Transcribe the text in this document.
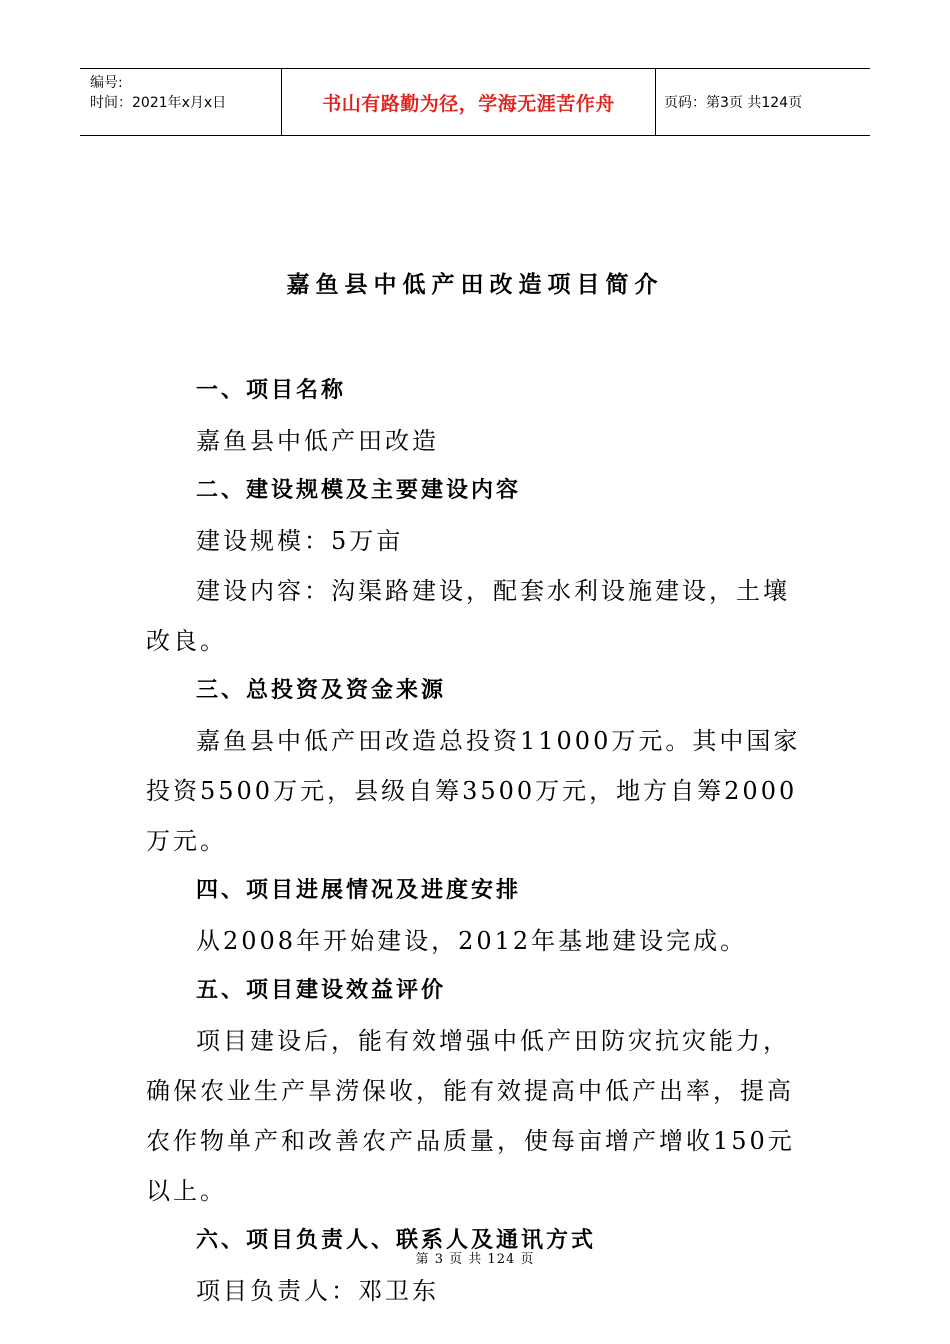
编号:
时间：2021年x月x日	书山有路勤为径，学海无涯苦作舟	页码：第3页 共124页
嘉鱼县中低产田改造项目简介
一、项目名称

嘉鱼县中低产田改造

二、建设规模及主要建设内容

建设规模：5万亩

建设内容：沟渠路建设，配套水利设施建设，土壤改良。

三、总投资及资金来源

嘉鱼县中低产田改造总投资11000万元。其中国家投资5500万元，县级自筹3500万元，地方自筹2000万元。

四、项目进展情况及进度安排

从2008年开始建设，2012年基地建设完成。

五、项目建设效益评价

项目建设后，能有效增强中低产田防灾抗灾能力，确保农业生产旱涝保收，能有效提高中低产出率，提高农作物单产和改善农产品质量，使每亩增产增收150元以上。

六、项目负责人、联系人及通讯方式

项目负责人：邓卫东

第 3 页 共 124 页
